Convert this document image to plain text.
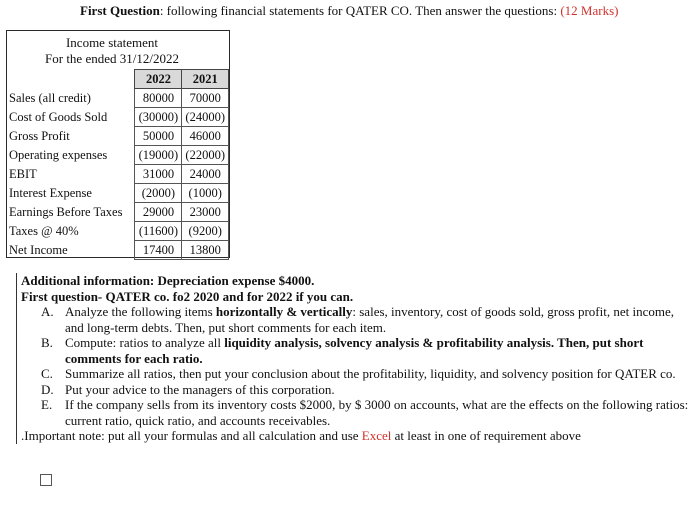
First Question: following financial statements for QATER CO. Then answer the questions: (12 Marks)
Income statement
For the ended 31/12/2022
	2022	2021
Sales (all credit)	80000	70000
Cost of Goods Sold	(30000)	(24000)
Gross Profit	50000	46000
Operating expenses	(19000)	(22000)
EBIT	31000	24000
Interest Expense	(2000)	(1000)
Earnings Before Taxes	29000	23000
Taxes @ 40%	(11600)	(9200)
Net Income	17400	13800
Additional information: Depreciation expense $4000.
First question- QATER co. fo2 2020 and for 2022 if you can.
A. Analyze the following items horizontally & vertically: sales, inventory, cost of goods sold, gross profit, net income, and long-term debts. Then, put short comments for each item.
B. Compute: ratios to analyze all liquidity analysis, solvency analysis & profitability analysis. Then, put short comments for each ratio.
C. Summarize all ratios, then put your conclusion about the profitability, liquidity, and solvency position for QATER co.
D. Put your advice to the managers of this corporation.
E. If the company sells from its inventory costs $2000, by $ 3000 on accounts, what are the effects on the following ratios: current ratio, quick ratio, and accounts receivables.
.Important note: put all your formulas and all calculation and use Excel at least in one of requirement above
